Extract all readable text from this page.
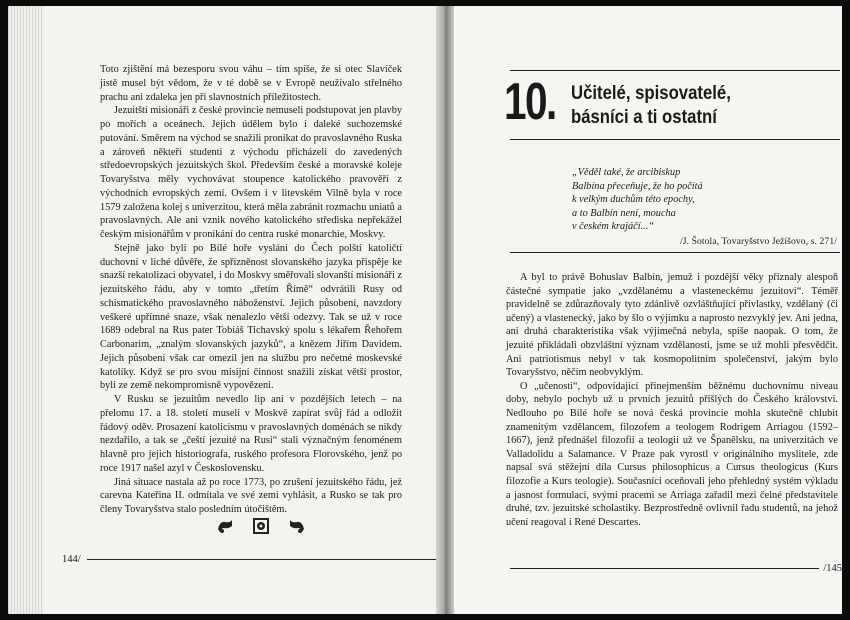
Toto zjištění má bezesporu svou váhu – tím spíše, že si otec Slavíček jistě musel být vědom, že v té době se v Evropě neužívalo střelného prachu ani zdaleka jen při slavnostních příležitostech.

Jezuitští misionáři z české provincie nemuseli podstupovat jen plavby po mořích a oceánech. Jejich údělem bylo i daleké suchozemské putování. Směrem na východ se snažili pronikat do pravoslavného Ruska a zároveň někteří studenti z východu přicházeli do zavedených středoevropských jezuitských škol. Především české a moravské koleje Tovaryšstva měly vychovávat stoupence katolického pravověří z východních evropských zemí. Ovšem i v litevském Vilně byla v roce 1579 založena kolej s univerzitou, která měla zabránit rozmachu uniatů a pravoslavných. Ale ani vznik nového katolického střediska nepřekážel českým misionářům v pronikání do centra ruské monarchie, Moskvy.

Stejně jako byli po Bílé hoře vysláni do Čech polští katoličtí duchovní v liché důvěře, že spřízněnost slovanského jazyka přispěje ke snazší rekatolizaci obyvatel, i do Moskvy směřovali slovanští misionáři z jezuitského řádu, aby v tomto „třetím Římě“ odvrátili Rusy od schismatického pravoslavného náboženství. Jejich působení, navzdory veškeré upřímné snaze, však nenalezlo větší odezvy. Tak se už v roce 1689 odebral na Rus pater Tobiáš Tichavský spolu s lékařem Řehořem Carbonarim, „znalým slovanských jazyků“, a knězem Jiřím Davidem. Jejich působení však car omezil jen na službu pro nečetné moskevské katolíky. Když se pro svou misijní činnost snažili získat větší prostor, byli ze země nekompromisně vypovězeni.

V Rusku se jezuitům nevedlo lip ani v pozdějších letech – na přelomu 17. a 18. století museli v Moskvě zapírat svůj řád a odložit řádový oděv. Prosazení katolicismu v pravoslavných doménách se nikdy nezdařilo, a tak se „čeští jezuité na Rusi“ stali význačným fenoménem hlavně pro jejich historiografa, ruského profesora Florovského, jenž po roce 1917 našel azyl v Československu.

Jiná situace nastala až po roce 1773, po zrušení jezuitského řádu, jež carevna Kateřina II. odmítala ve své zemi vyhlásit, a Rusko se tak pro členy Tovaryšstva stalo posledním útočištěm.

144/
10. Učitelé, spisovatelé,
básníci a ti ostatní
„Věděl také, že arcibiskup
Balbína přeceňuje, že ho počítá
k velkým duchům této epochy,
a to Balbín není, moucha
v českém krajáčí...“
/J. Šotola, Tovaryšstvo Ježíšovo, s. 271/

A byl to právě Bohuslav Balbín, jemuž i pozdější věky přiznaly alespoň částečné sympatie jako „vzdělanému a vlasteneckému jezuitovi“. Téměř pravidelně se zdůrazňovaly tyto zdánlivě ozvláštňující přívlastky, vzdělaný (či učený) a vlastenecký, jako by šlo o výjimku a naprosto nezvyklý jev. Ani jedna, ani druhá charakteristika však výjimečná nebyla, spíše naopak. O tom, že jezuité přikládali obzvláštní význam vzdělanosti, jsme se už mohli přesvědčit. Ani patriotismus nebyl v tak kosmopolitním společenství, jakým bylo Tovaryšstvo, něčím neobvyklým.

O „učenosti“, odpovídající přinejmenším běžnému duchovnímu niveau doby, nebylo pochyb už u prvních jezuitů přišlých do Českého království. Nedlouho po Bílé hoře se nová česká provincie mohla skutečně chlubit znamenitým vzdělancem, filozofem a teologem Rodrigem Arriagou (1592–1667), jenž přednášel filozofii a teologii už ve Španělsku, na univerzitách ve Valladolidu a Salamance. V Praze pak vyrostl v originálního myslitele, zde napsal svá stěžejní díla Cursus philosophicus a Cursus theologicus (Kurs filozofie a Kurs teologie). Současníci oceňovali jeho přehledný systém výkladu a jasnost formulací, svými pracemi se Arriaga zařadil mezi čelné představitele druhé, tzv. jezuitské scholastiky. Bezprostředně ovlivnil řadu studentů, na jehož učení reagoval i René Descartes.

/145
